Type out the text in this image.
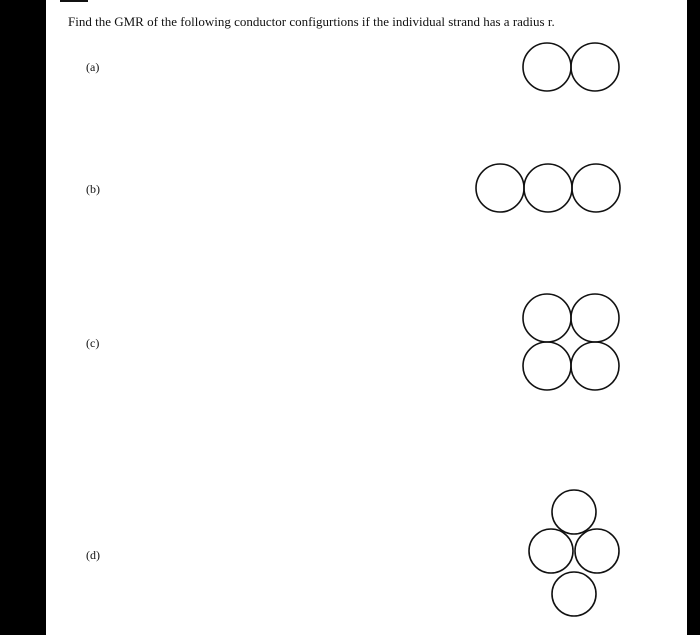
Find the GMR of the following conductor configurtions if the individual strand has a radius r.
(a)
(b)
(c)
(d)
